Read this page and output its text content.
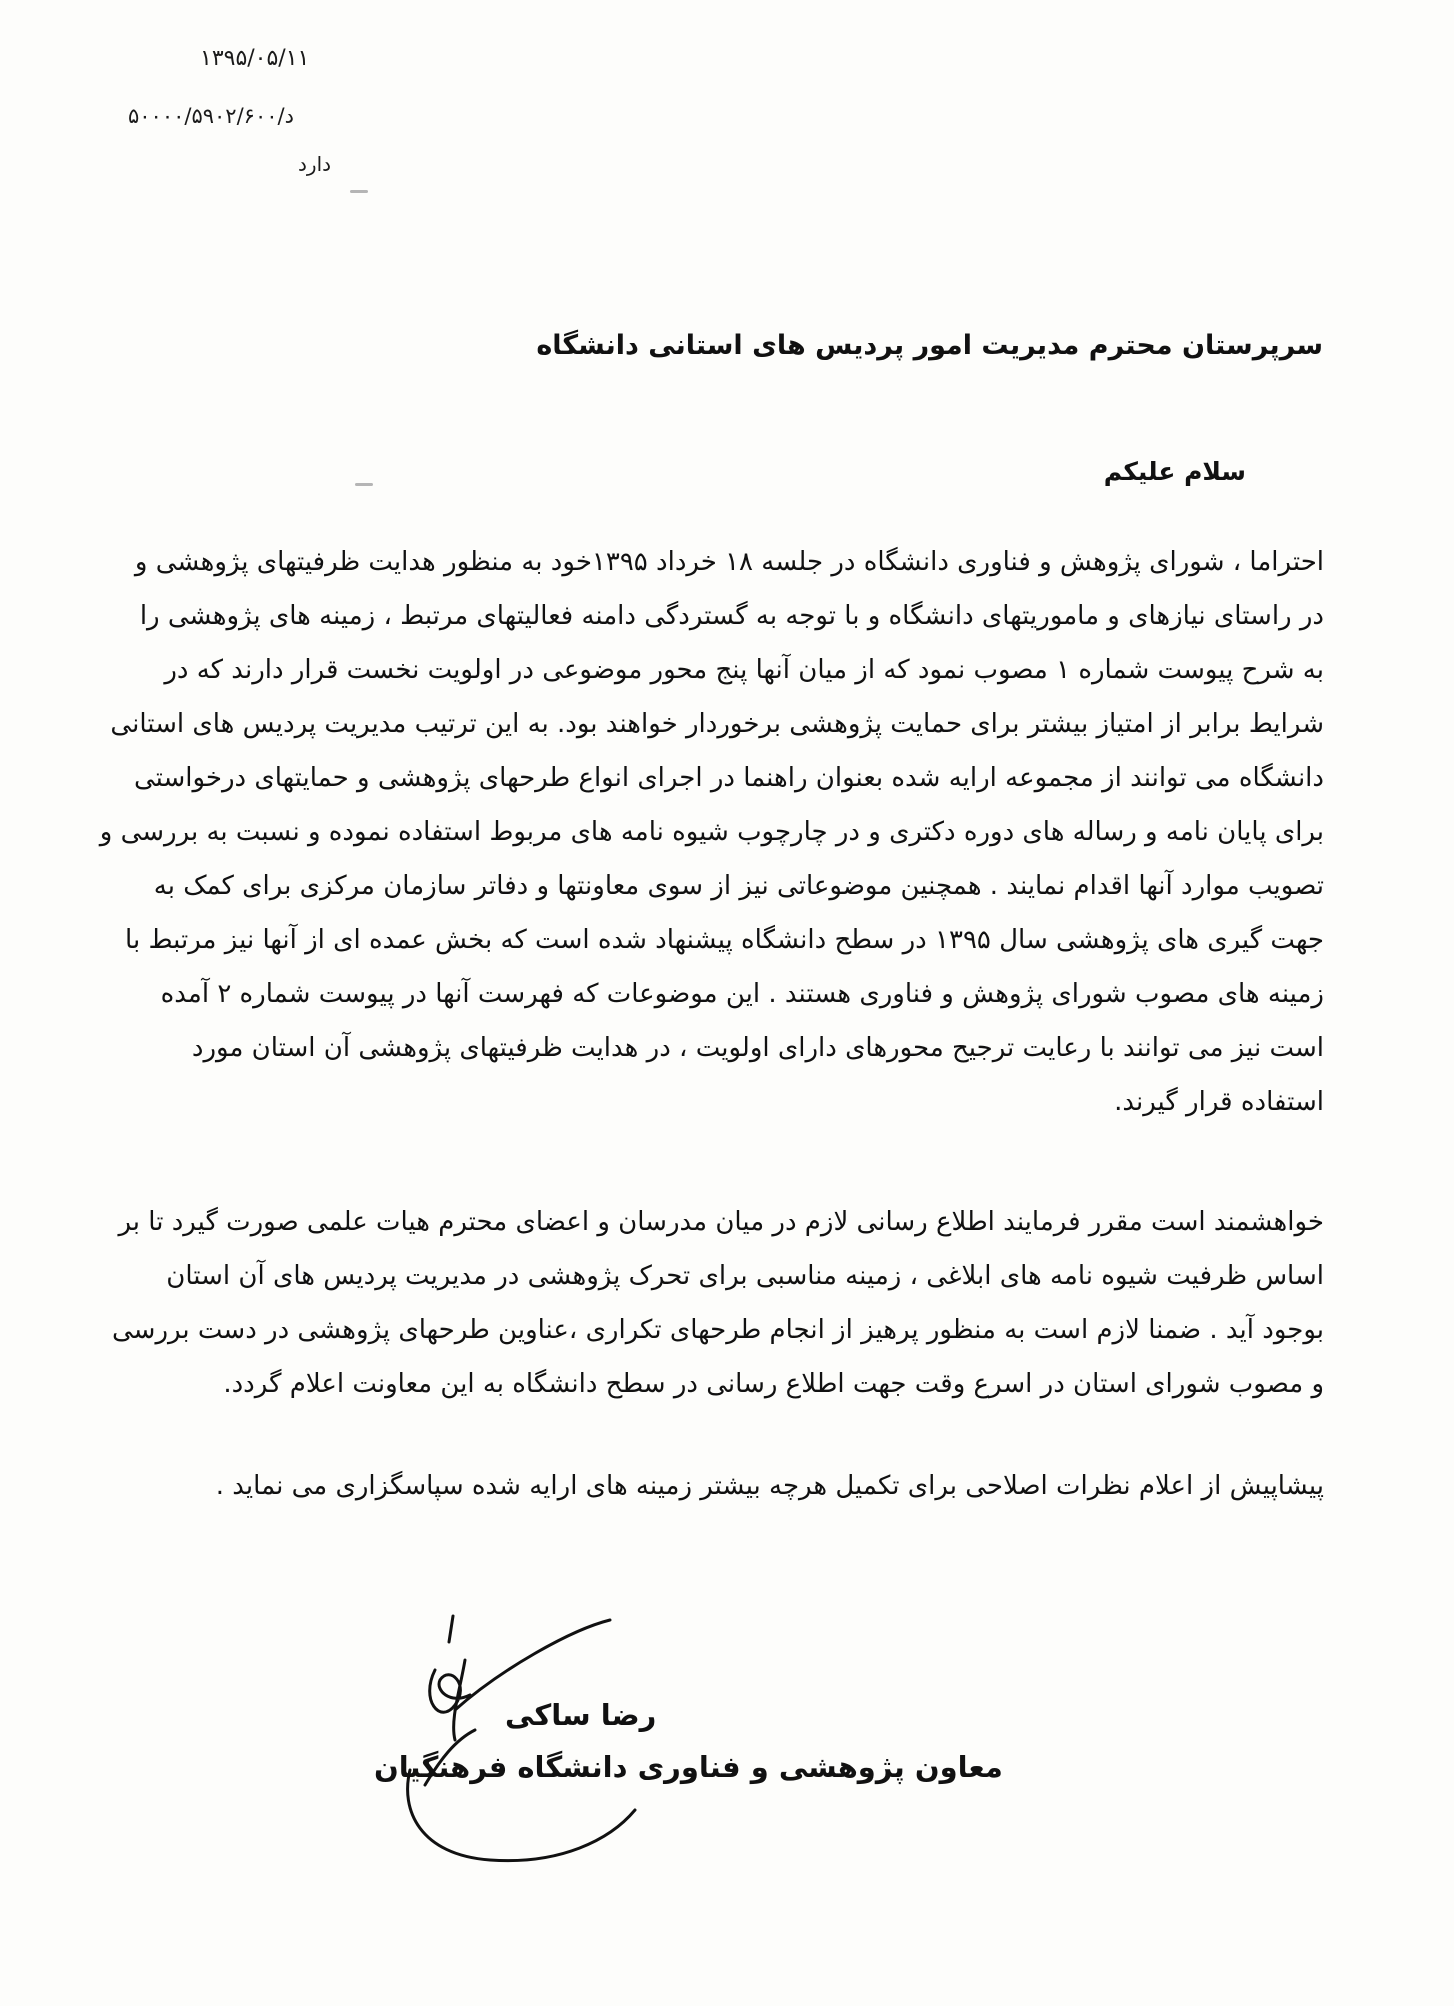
۱۳۹۵/۰۵/۱۱
د/۵۰۰۰۰/۵۹۰۲/۶۰۰
دارد
سرپرستان محترم مدیریت امور پردیس های استانی دانشگاه
سلام علیکم
احتراما ، شورای پژوهش و فناوری دانشگاه در جلسه ۱۸ خرداد ۱۳۹۵خود به منظور هدایت ظرفیتهای پژوهشی و
در راستای نیازهای و ماموریتهای دانشگاه و با توجه به گستردگی دامنه فعالیتهای مرتبط ، زمینه های پژوهشی را
به شرح پیوست شماره ۱ مصوب نمود که از میان آنها پنج محور موضوعی در اولویت نخست قرار دارند که در
شرایط برابر از امتیاز بیشتر برای حمایت پژوهشی برخوردار خواهند بود. به این ترتیب مدیریت پردیس های استانی
دانشگاه می توانند از مجموعه ارایه شده بعنوان راهنما در اجرای انواع طرحهای پژوهشی و حمایتهای درخواستی
برای پایان نامه و رساله های دوره دکتری و در چارچوب شیوه نامه های مربوط استفاده نموده و نسبت به بررسی و
تصویب موارد آنها اقدام نمایند . همچنین موضوعاتی نیز از سوی معاونتها و دفاتر سازمان مرکزی برای کمک به
جهت گیری های پژوهشی سال ۱۳۹۵ در سطح دانشگاه پیشنهاد شده است که بخش عمده ای از آنها نیز مرتبط با
زمینه های مصوب شورای پژوهش و فناوری هستند . این موضوعات که فهرست آنها در پیوست شماره ۲ آمده
است نیز می توانند با رعایت ترجیح محورهای دارای اولویت ، در هدایت ظرفیتهای پژوهشی آن استان مورد
استفاده قرار گیرند.
خواهشمند است مقرر فرمایند اطلاع رسانی لازم در میان مدرسان و اعضای محترم هیات علمی صورت گیرد تا بر
اساس ظرفیت شیوه نامه های ابلاغی ، زمینه مناسبی برای تحرک پژوهشی در مدیریت پردیس های آن استان
بوجود آید . ضمنا لازم است به منظور پرهیز از انجام طرحهای تکراری ،عناوین طرحهای پژوهشی در دست بررسی
و مصوب شورای استان در اسرع وقت جهت اطلاع رسانی در سطح دانشگاه به این معاونت اعلام گردد.
پیشاپیش از اعلام نظرات اصلاحی برای تکمیل هرچه بیشتر زمینه های ارایه شده سپاسگزاری می نماید .
رضا ساکی
معاون پژوهشی و فناوری دانشگاه فرهنگیان
